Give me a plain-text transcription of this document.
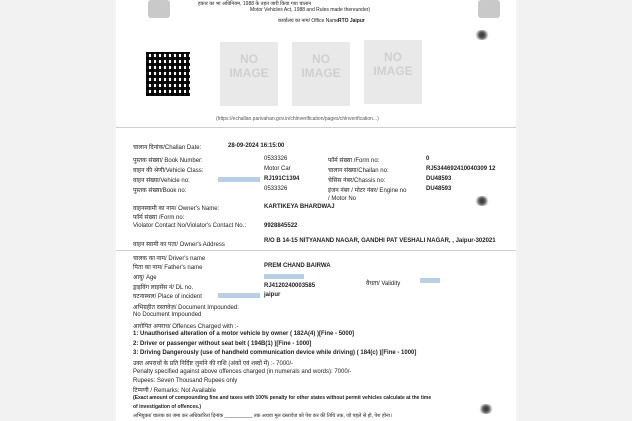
हकार का भा अधिनियम, 1988 के तहत जारी किया गया चालान
Motor Vehicles Act, 1988 and Rules made thereunder)
कार्यालय का नाम/ Office Name
RTO Jaipur
NO IMAGE
NO IMAGE
NO IMAGE
(https://echallan.parivahan.gov.in/chlnverification/pages/chlnverification...)
चालान दिनांक/Challan Date:	28-09-2024 16:15:00
पुस्तक संख्या/ Book Number:	0533326	फॉर्म संख्या /Form no:	0
वाहन की श्रेणी/Vehicle Class:	Motor Car	चालान संख्या/Challan no:	RJ5344692410040309 12
वाहन संख्या/Vehicle no:	RJ191C1394	चेसिस नंबर/Chassis no:	DU48593
पुस्तक संख्या/Book no:	0533326	इंजन नंबर / मोटर नंबर/ Engine no	DU48593
/ Motor No
वाहनस्वामी का नाम/ Owner's Name:	KARTIKEYA BHARDWAJ
फॉर्म संख्या /Form no:
Violator Contact No/Violator's Contact No.:	9928845522
वाहन स्वामी का पता/ Owner's Address
R/O B 14-15 NITYANAND NAGAR, GANDHI PAT VESHALI NAGAR, , Jaipur-302021
चालक का नाम/ Driver's name
पिता का नाम/ Father's name	PREM CHAND BAIRWA
आयु/ Age
वैधता/ Validity
ड्राइविंग लाइसेंस नं/ DL no.	RJ4120240003585
घटनास्थल/ Place of incident	jaipur
अभिग्रहीत दस्तावेज़/ Document Impounded:
No Document Impounded
आरोपित अपराध/ Offences Charged with :-
1: Unauthorised alteration of a motor vehicle by owner ( 182A(4) )[Fine - 5000]
2: Driver or passenger without seat belt ( 194B(1) )[Fine - 1000]
3: Driving Dangerously (use of handheld communication device while driving) ( 184(c) )[Fine - 1000]
उक्त अपराधों के प्रति निर्दिष्ट जुर्माने की राशि (अंकों एवं शब्दों में) :- 7000/-
Penalty specified against above offences charged (in numerals and words): 7000/-
Rupees: Seven Thousand Rupees only
टिप्पणी / Remarks: Not Available
(Exact amount of compounding fine and taxes with 100% penalty for other states without permit vehicles calculate at the time
of investigation of offences.)
अभियुक्त/ चालक का जमा कर अधिकारिता दिनांक __________ तक अथवा मूल दस्तावेज़ को पेश कर की तिथि तक, जो पहले से हो, पेश होना।
